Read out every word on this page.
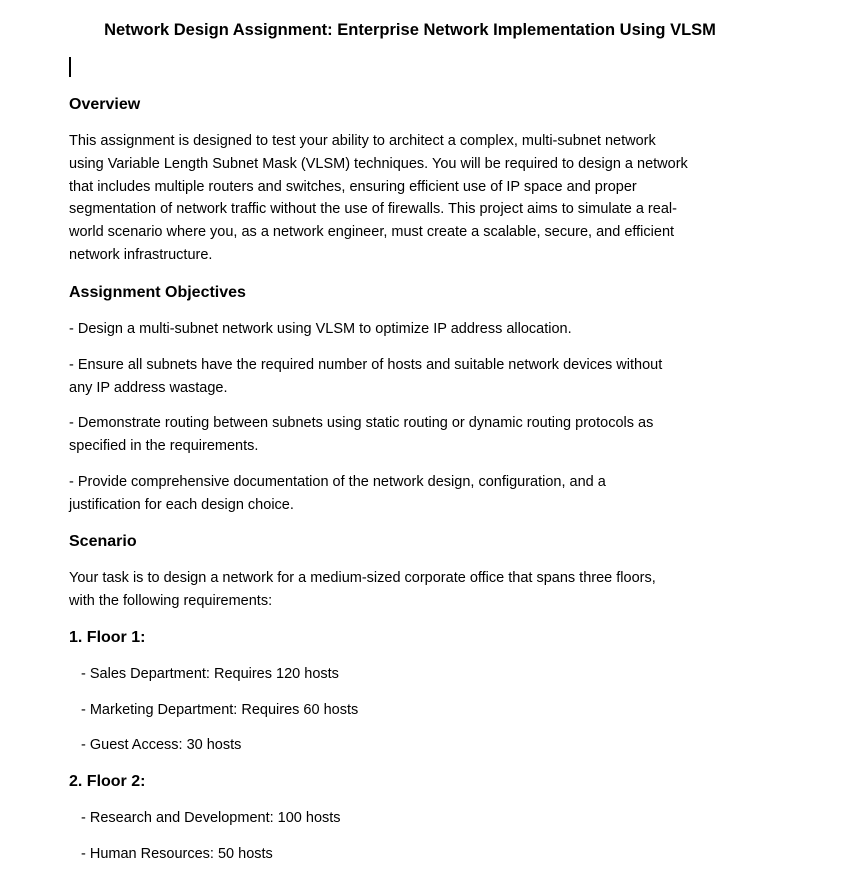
Network Design Assignment: Enterprise Network Implementation Using VLSM
Overview
This assignment is designed to test your ability to architect a complex, multi-subnet network
using Variable Length Subnet Mask (VLSM) techniques. You will be required to design a network
that includes multiple routers and switches, ensuring efficient use of IP space and proper
segmentation of network traffic without the use of firewalls. This project aims to simulate a real-
world scenario where you, as a network engineer, must create a scalable, secure, and efficient
network infrastructure.
Assignment Objectives
- Design a multi-subnet network using VLSM to optimize IP address allocation.
- Ensure all subnets have the required number of hosts and suitable network devices without
any IP address wastage.
- Demonstrate routing between subnets using static routing or dynamic routing protocols as
specified in the requirements.
- Provide comprehensive documentation of the network design, configuration, and a
justification for each design choice.
Scenario
Your task is to design a network for a medium-sized corporate office that spans three floors,
with the following requirements:
1. Floor 1:
- Sales Department: Requires 120 hosts
- Marketing Department: Requires 60 hosts
- Guest Access: 30 hosts
2. Floor 2:
- Research and Development: 100 hosts
- Human Resources: 50 hosts
